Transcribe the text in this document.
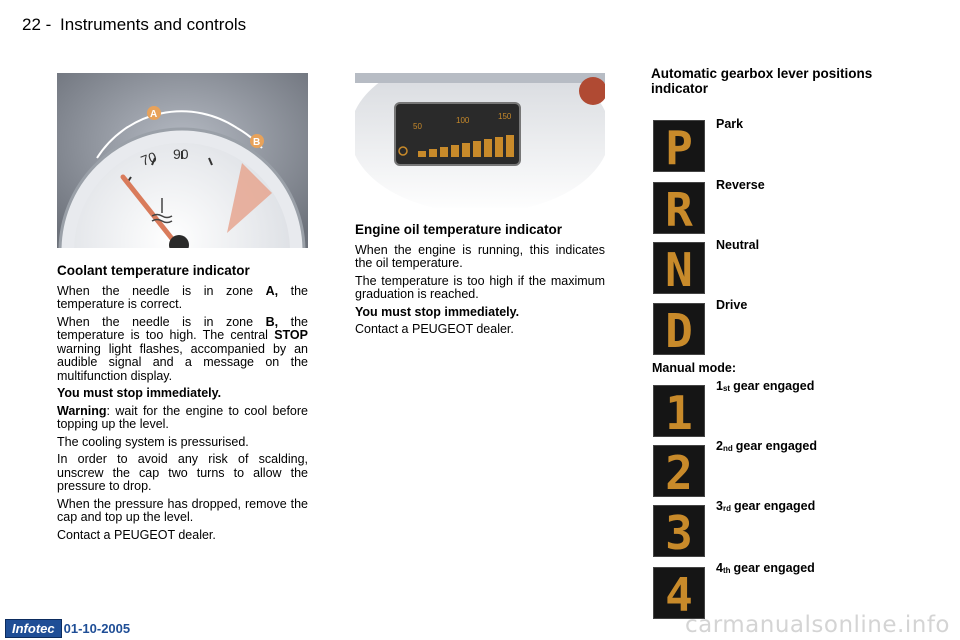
22 - Instruments and controls
70 90
A
B
Coolant temperature indicator

When the needle is in zone A, the temperature is correct.

When the needle is in zone B, the temperature is too high. The central STOP warning light flashes, accompanied by an audible signal and a message on the multifunction display.

You must stop immediately.

Warning: wait for the engine to cool before topping up the level.

The cooling system is pressurised.

In order to avoid any risk of scalding, unscrew the cap two turns to allow the pressure to drop.

When the pressure has dropped, remove the cap and top up the level.

Contact a PEUGEOT dealer.

50
100	150
Engine oil temperature indicator

When the engine is running, this indicates the oil temperature.

The temperature is too high if the maximum graduation is reached.

You must stop immediately.

Contact a PEUGEOT dealer.

Automatic gearbox lever positions indicator
P Park
R Reverse
N Neutral
D Drive
1 1st gear engaged
2 2nd gear engaged
3 3rd gear engaged
4 4th gear engaged
Manual mode:
Infotec 01-10-2005	carmanualsonline.info
